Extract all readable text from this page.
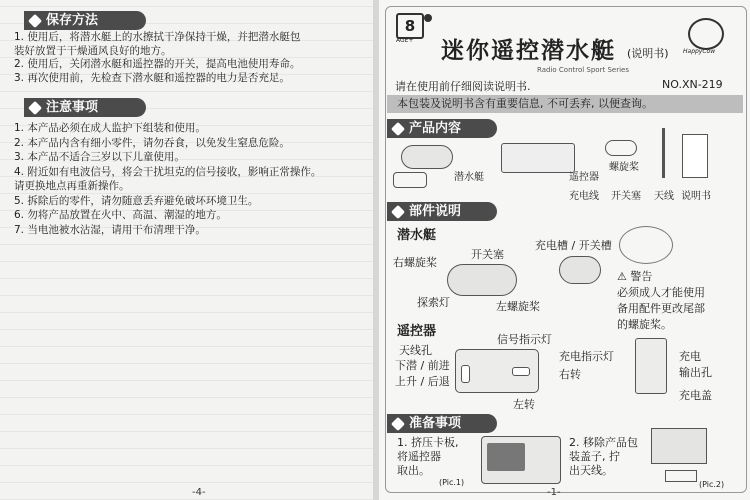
保存方法
1. 使用后，将潜水艇上的水擦拭干净保持干燥，并把潜水艇包
装好放置于干燥通风良好的地方。
2. 使用后，关闭潜水艇和遥控器的开关，提高电池使用寿命。
3. 再次使用前，先检查下潜水艇和遥控器的电力是否充足。
注意事项
1. 本产品必须在成人监护下组装和使用。
2. 本产品内含有细小零件，请勿吞食，以免发生窒息危险。
3. 本产品不适合三岁以下儿童使用。
4. 附近如有电波信号，将会干扰坦克的信号接收，影响正常操作。
请更换地点再重新操作。
5. 拆除后的零件，请勿随意丢弃避免破坏环境卫生。
6. 勿将产品放置在火中、高温、潮湿的地方。
7. 当电池被水沾湿，请用干布清理干净。
-4-
8
AGE+ 迷你遥控潜水艇 (说明书)
Radio Control Sport Series
HappyCow
请在使用前仔细阅读说明书.	NO.XN-219
本包装及说明书含有重要信息, 不可丢弃, 以便查询。
产品内容
潜水艇	遥控器
螺旋桨
充电线 开关塞 天线 说明书
部件说明
潜水艇
开关塞
右螺旋桨
探索灯	左螺旋桨
充电槽 / 开关槽
⚠ 警告
必须成人才能使用
备用配件更改尾部
的螺旋桨。
遥控器
天线孔
信号指示灯
充电指示灯
下潜 / 前进
上升 / 后退
右转
左转
充电
输出孔
充电盖
准备事项
1. 挤压卡板,
将遥控器
取出。
(Pic.1)
2. 移除产品包
装盖子, 拧
出天线。
(Pic.2)
-1-
